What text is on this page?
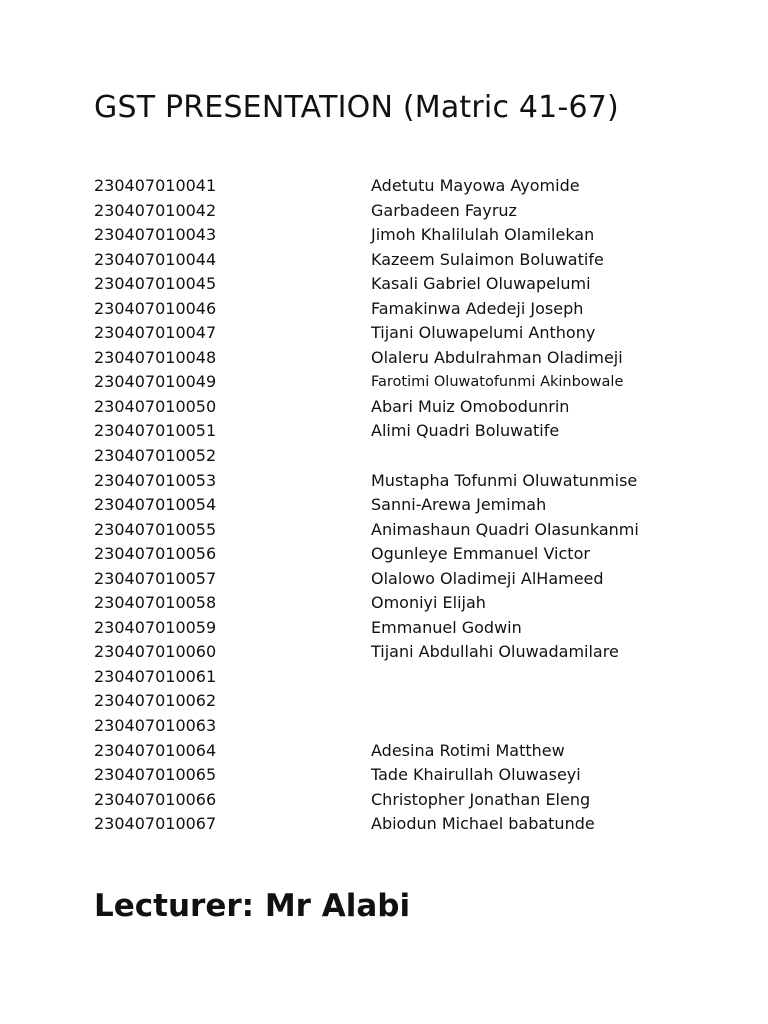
GST PRESENTATION (Matric 41-67)
230407010041	Adetutu Mayowa Ayomide
230407010042	Garbadeen Fayruz
230407010043	Jimoh Khalilulah Olamilekan
230407010044	Kazeem Sulaimon Boluwatife
230407010045	Kasali Gabriel Oluwapelumi
230407010046	Famakinwa Adedeji Joseph
230407010047	Tijani Oluwapelumi Anthony
230407010048	Olaleru Abdulrahman Oladimeji
230407010049	Farotimi Oluwatofunmi Akinbowale
230407010050	Abari Muiz Omobodunrin
230407010051	Alimi Quadri Boluwatife
230407010052
230407010053	Mustapha Tofunmi Oluwatunmise
230407010054	Sanni-Arewa Jemimah
230407010055	Animashaun Quadri Olasunkanmi
230407010056	Ogunleye Emmanuel Victor
230407010057	Olalowo Oladimeji AlHameed
230407010058	Omoniyi Elijah
230407010059	Emmanuel Godwin
230407010060	Tijani Abdullahi Oluwadamilare
230407010061
230407010062
230407010063
230407010064	Adesina Rotimi Matthew
230407010065	Tade Khairullah Oluwaseyi
230407010066	Christopher Jonathan Eleng
230407010067	Abiodun Michael babatunde
Lecturer: Mr Alabi
